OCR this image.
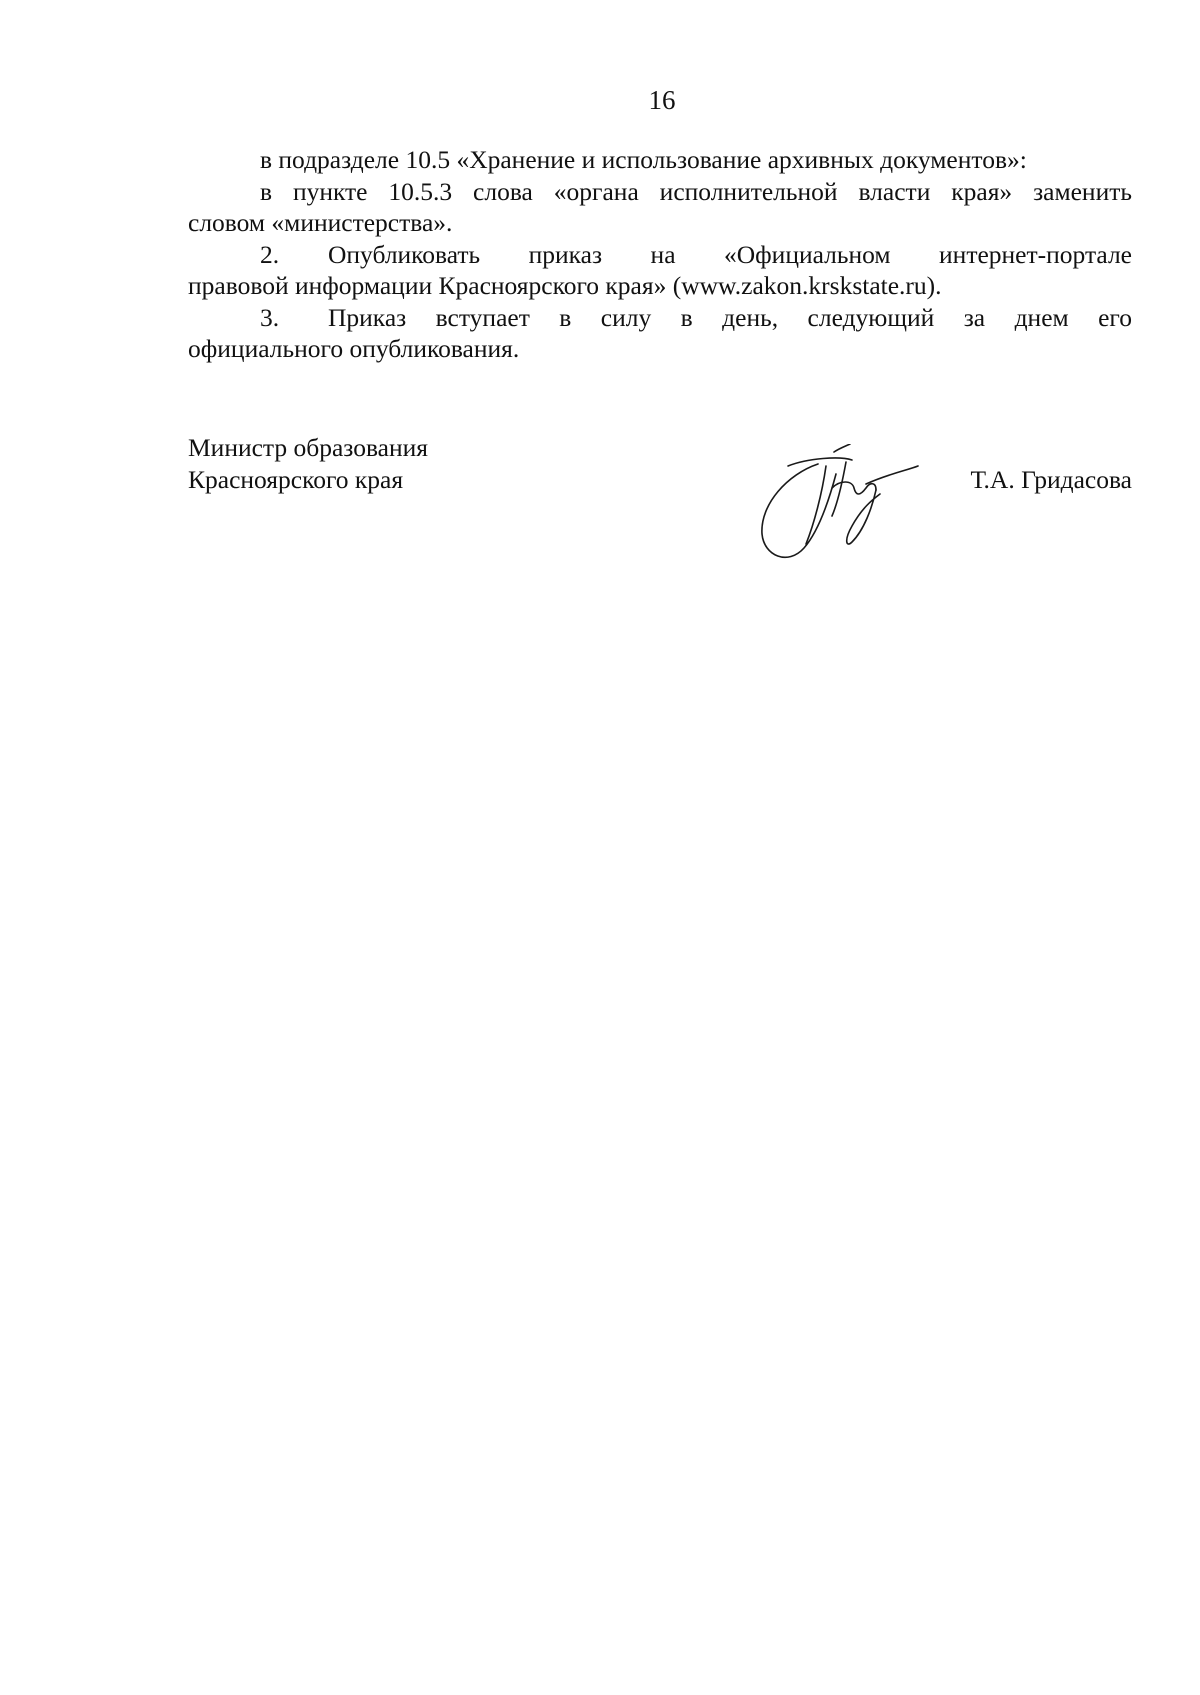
16
в подразделе 10.5 «Хранение и использование архивных документов»:
в пункте 10.5.3 слова «органа исполнительной власти края» заменить
словом «министерства».
2. Опубликовать приказ на «Официальном интернет-портале
правовой информации Красноярского края» (www.zakon.krskstate.ru).
3. Приказ вступает в силу в день, следующий за днем его
официального опубликования.
Министр образования
Красноярского края	Т.А. Гридасова
